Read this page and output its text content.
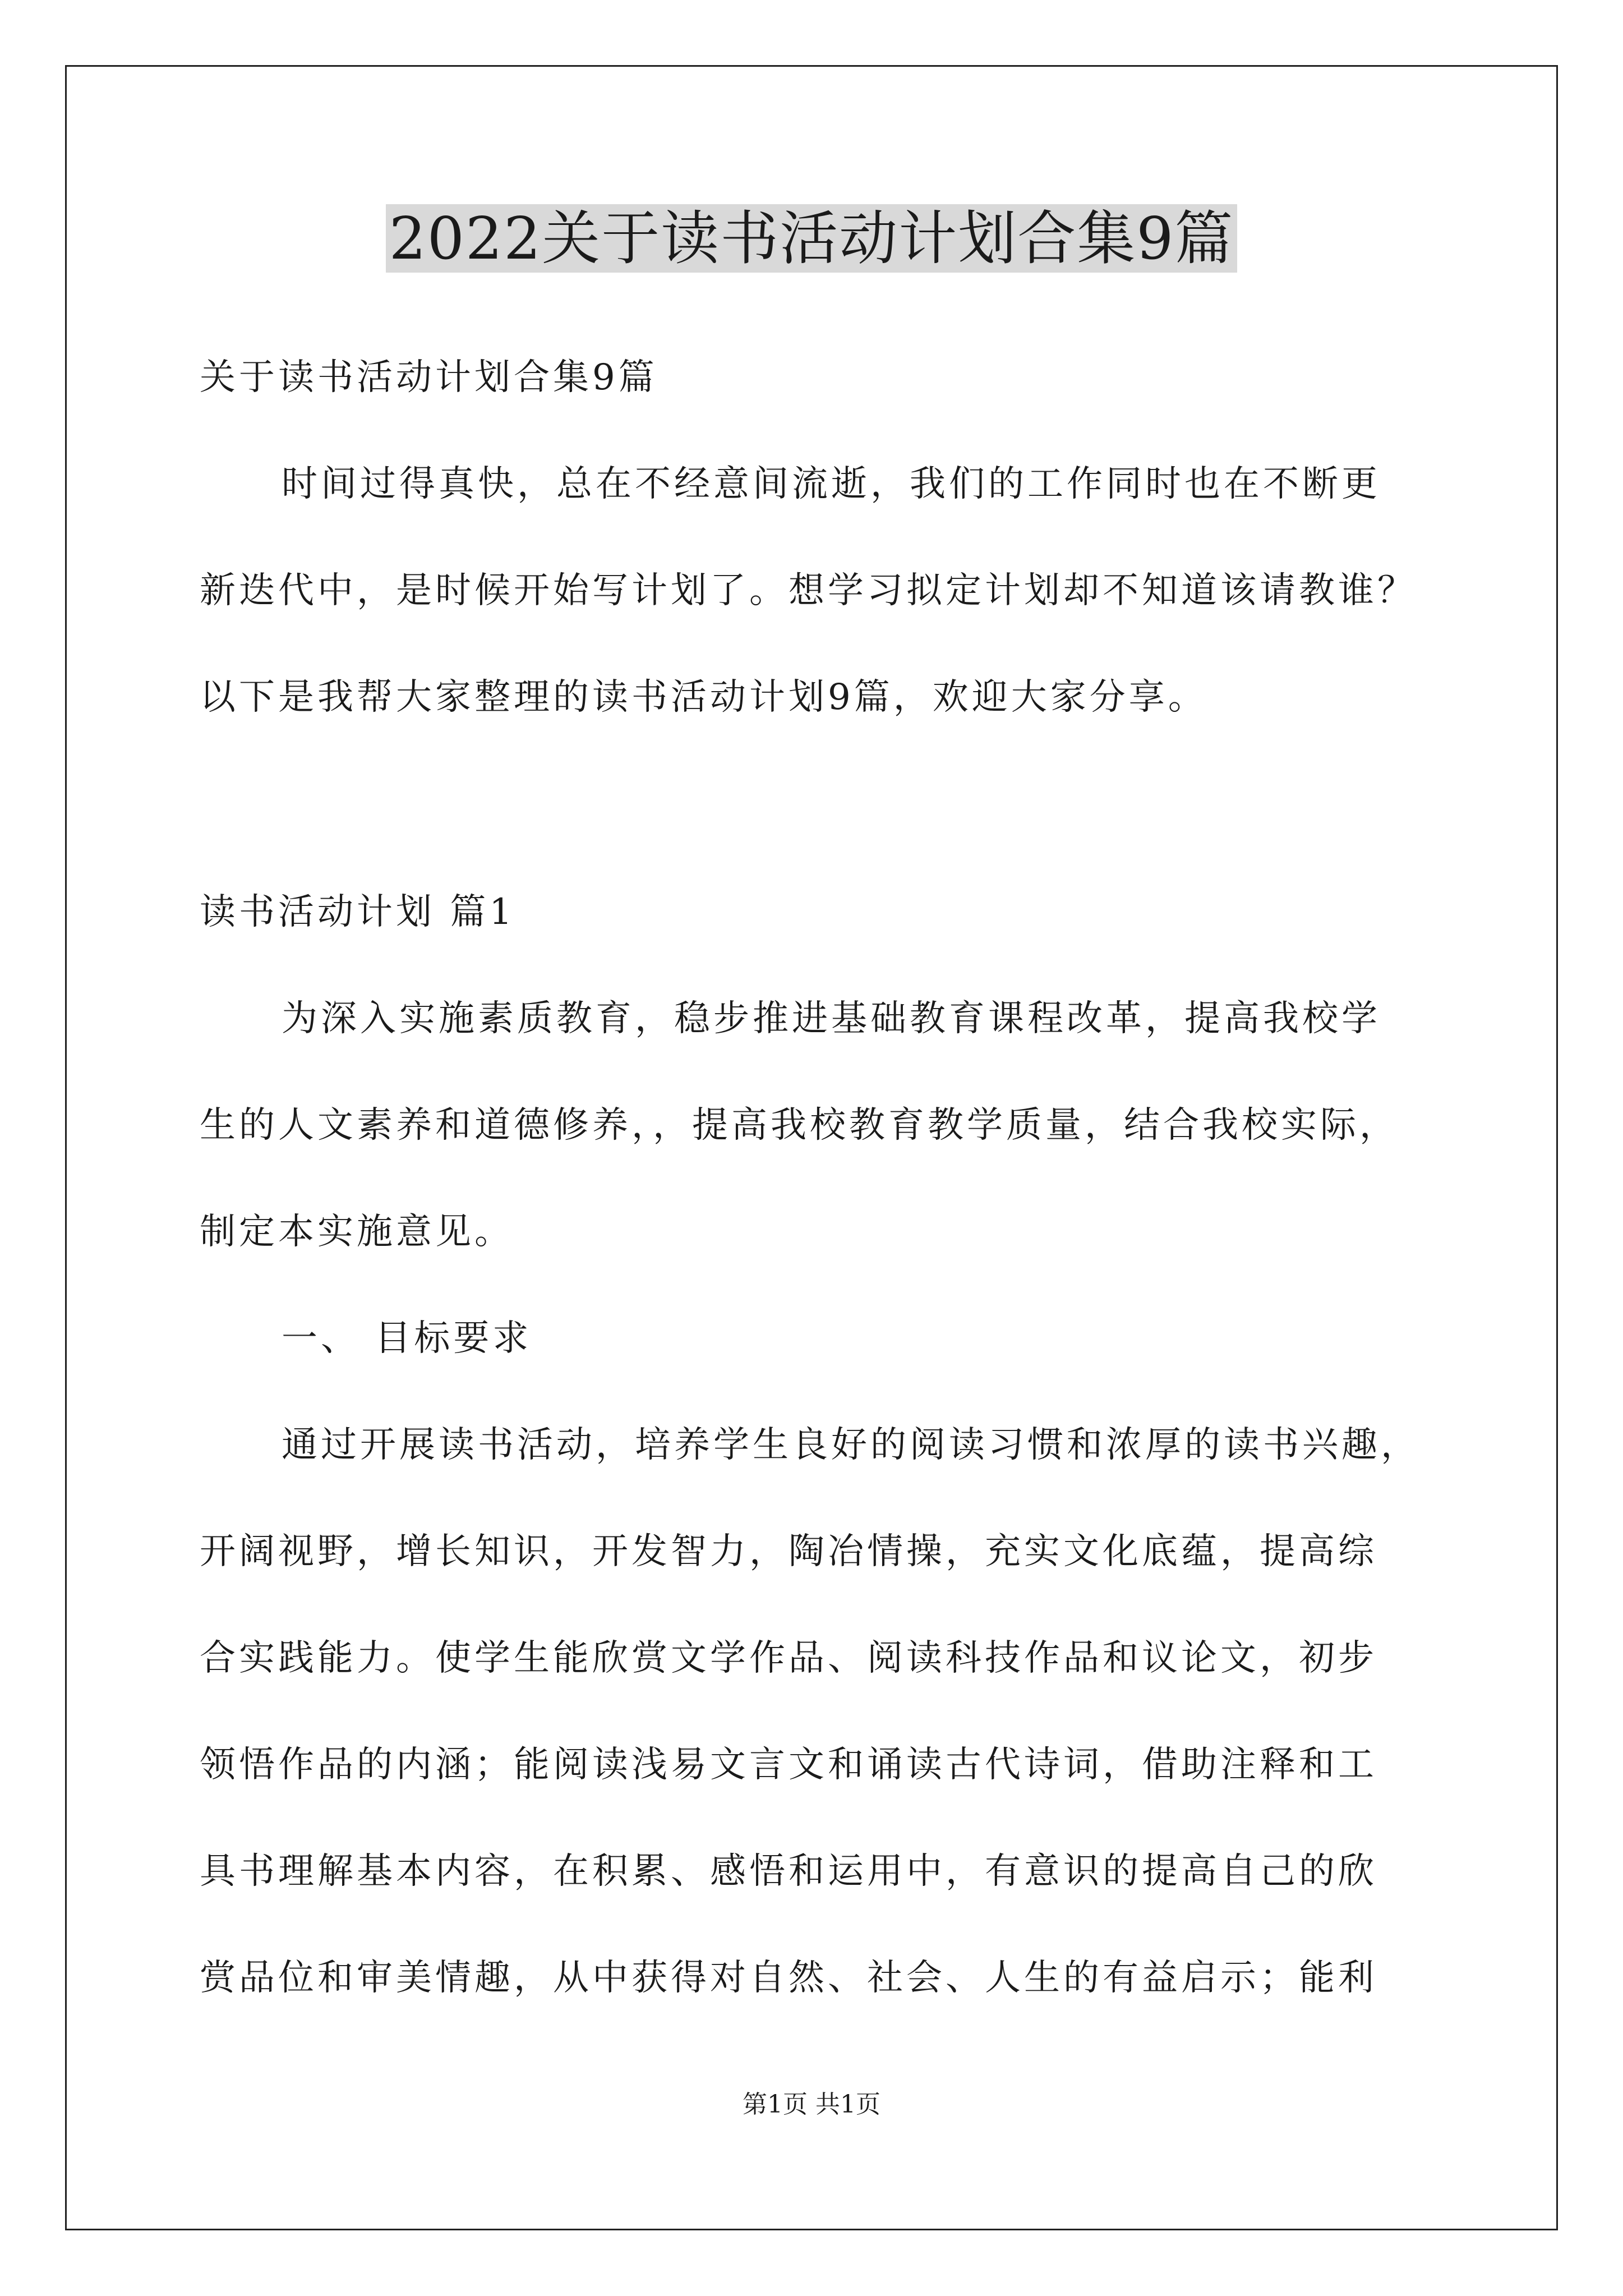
2022关于读书活动计划合集9篇
关于读书活动计划合集9篇
时间过得真快，总在不经意间流逝，我们的工作同时也在不断更
新迭代中，是时候开始写计划了。想学习拟定计划却不知道该请教谁？
以下是我帮大家整理的读书活动计划9篇，欢迎大家分享。
读书活动计划 篇1
为深入实施素质教育，稳步推进基础教育课程改革，提高我校学
生的人文素养和道德修养，，提高我校教育教学质量，结合我校实际，
制定本实施意见。
一、 目标要求
通过开展读书活动，培养学生良好的阅读习惯和浓厚的读书兴趣，
开阔视野，增长知识，开发智力，陶冶情操，充实文化底蕴，提高综
合实践能力。使学生能欣赏文学作品、阅读科技作品和议论文，初步
领悟作品的内涵；能阅读浅易文言文和诵读古代诗词，借助注释和工
具书理解基本内容，在积累、感悟和运用中，有意识的提高自己的欣
赏品位和审美情趣，从中获得对自然、社会、人生的有益启示；能利
第1页 共1页
